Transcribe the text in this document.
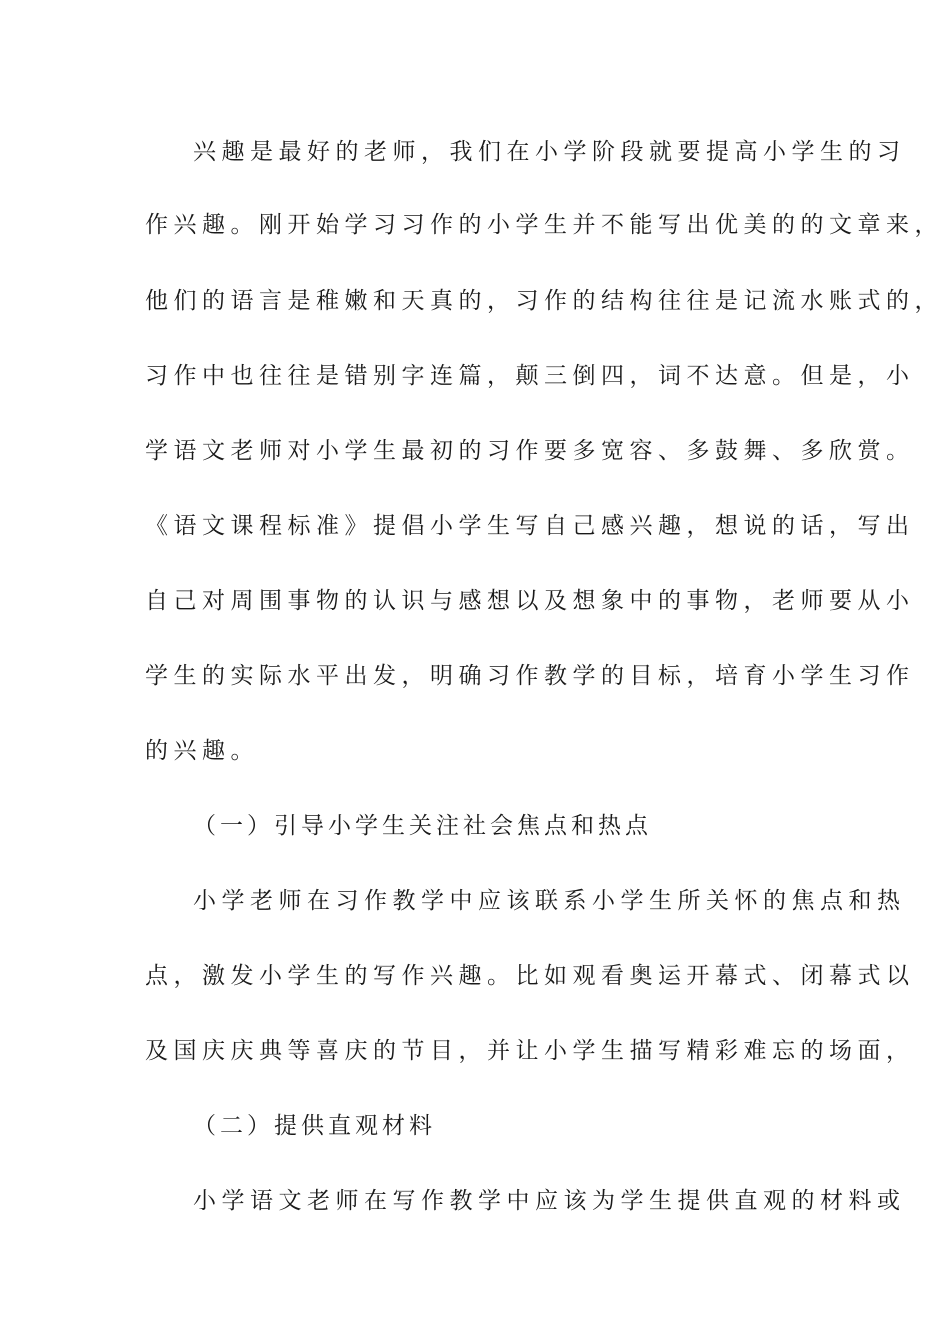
兴趣是最好的老师，我们在小学阶段就要提高小学生的习
作兴趣。刚开始学习习作的小学生并不能写出优美的的文章来，
他们的语言是稚嫩和天真的，习作的结构往往是记流水账式的，
习作中也往往是错别字连篇，颠三倒四，词不达意。但是，小
学语文老师对小学生最初的习作要多宽容、多鼓舞、多欣赏。
《语文课程标准》提倡小学生写自己感兴趣，想说的话，写出
自己对周围事物的认识与感想以及想象中的事物，老师要从小
学生的实际水平出发，明确习作教学的目标，培育小学生习作
的兴趣。
（一）引导小学生关注社会焦点和热点
小学老师在习作教学中应该联系小学生所关怀的焦点和热
点，激发小学生的写作兴趣。比如观看奥运开幕式、闭幕式以
及国庆庆典等喜庆的节目，并让小学生描写精彩难忘的场面，
（二）提供直观材料
小学语文老师在写作教学中应该为学生提供直观的材料或
